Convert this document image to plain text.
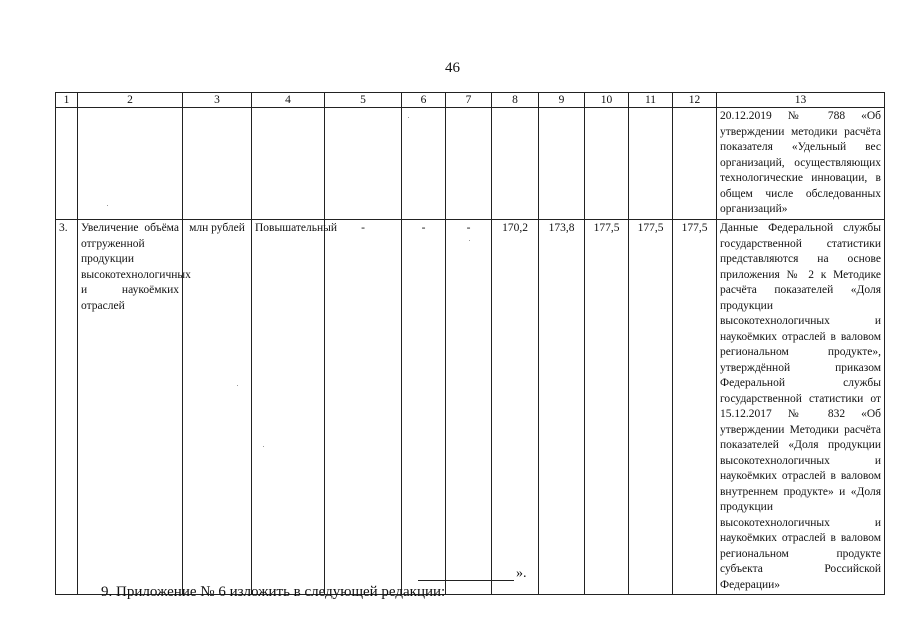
46
1	2	3	4	5	6	7	8	9	10	11	12	13
												20.12.2019 № 788 «Об утверждении методики расчёта показателя «Удельный вес организаций, осуществляющих технологические инновации, в общем числе обследованных организаций»
3.	Увеличение объёма отгруженной продукции высокотехнологичных и наукоёмких отраслей	млн рублей	Повышательный	-	-	-	170,2	173,8	177,5	177,5	177,5	Данные Федеральной службы государственной статистики представляются на основе приложения № 2 к Методике расчёта показателей «Доля продукции высокотехнологичных и наукоёмких отраслей в валовом региональном продукте», утверждённой приказом Федеральной службы государственной статистики от 15.12.2017 № 832 «Об утверждении Методики расчёта показателей «Доля продукции высокотехнологичных и наукоёмких отраслей в валовом внутреннем продукте» и «Доля продукции высокотехнологичных и наукоёмких отраслей в валовом региональном продукте субъекта Российской Федерации»
».
9. Приложение № 6 изложить в следующей редакции:
